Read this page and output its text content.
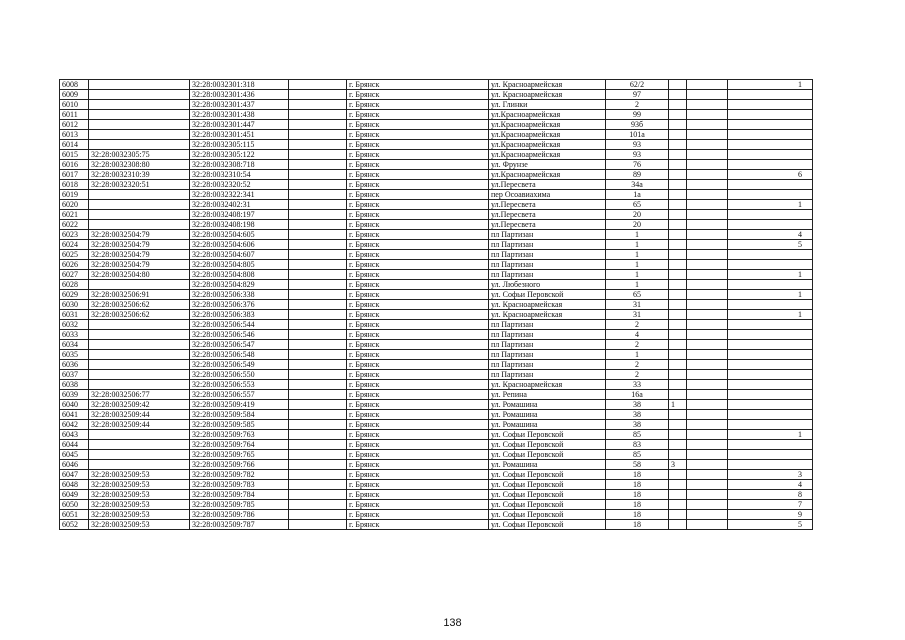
6008		32:28:0032301:318		г. Брянск	ул. Красноармейская	62/2			1
6009		32:28:0032301:436		г. Брянск	ул. Красноармейская	97			
6010		32:28:0032301:437		г. Брянск	ул. Глинки	2			
6011		32:28:0032301:438		г. Брянск	ул.Красноармейская	99			
6012		32:28:0032301:447		г. Брянск	ул.Красноармейская	93б			
6013		32:28:0032301:451		г. Брянск	ул.Красноармейская	101а			
6014		32:28:0032305:115		г. Брянск	ул.Красноармейская	93			
6015	32:28:0032305:75	32:28:0032305:122		г. Брянск	ул.Красноармейская	93			
6016	32:28:0032308:80	32:28:0032308:718		г. Брянск	ул. Фрунзе	76			
6017	32:28:0032310:39	32:28:0032310:54		г. Брянск	ул.Красноармейская	89			6
6018	32:28:0032320:51	32:28:0032320:52		г. Брянск	ул.Пересвета	34а			
6019		32:28:0032322:341		г. Брянск	пер Осоавиахима	1а			
6020		32:28:0032402:31		г. Брянск	ул.Пересвета	65			1
6021		32:28:0032408:197		г. Брянск	ул.Пересвета	20			
6022		32:28:0032408:198		г. Брянск	ул.Пересвета	20			
6023	32:28:0032504:79	32:28:0032504:605		г. Брянск	пл Партизан	1			4
6024	32:28:0032504:79	32:28:0032504:606		г. Брянск	пл Партизан	1			5
6025	32:28:0032504:79	32:28:0032504:607		г. Брянск	пл Партизан	1			
6026	32:28:0032504:79	32:28:0032504:805		г. Брянск	пл Партизан	1			
6027	32:28:0032504:80	32:28:0032504:808		г. Брянск	пл Партизан	1			1
6028		32:28:0032504:829		г. Брянск	ул. Любезного	1			
6029	32:28:0032506:91	32:28:0032506:338		г. Брянск	ул. Софьи Перовской	65			1
6030	32:28:0032506:62	32:28:0032506:376		г. Брянск	ул. Красноармейская	31			
6031	32:28:0032506:62	32:28:0032506:383		г. Брянск	ул. Красноармейская	31			1
6032		32:28:0032506:544		г. Брянск	пл Партизан	2			
6033		32:28:0032506:546		г. Брянск	пл Партизан	4			
6034		32:28:0032506:547		г. Брянск	пл Партизан	2			
6035		32:28:0032506:548		г. Брянск	пл Партизан	1			
6036		32:28:0032506:549		г. Брянск	пл Партизан	2			
6037		32:28:0032506:550		г. Брянск	пл Партизан	2			
6038		32:28:0032506:553		г. Брянск	ул. Красноармейская	33			
6039	32:28:0032506:77	32:28:0032506:557		г. Брянск	ул. Репина	16а			
6040	32:28:0032509:42	32:28:0032509:419		г. Брянск	ул. Ромашина	38	1		
6041	32:28:0032509:44	32:28:0032509:584		г. Брянск	ул. Ромашина	38			
6042	32:28:0032509:44	32:28:0032509:585		г. Брянск	ул. Ромашина	38			
6043		32:28:0032509:763		г. Брянск	ул. Софьи Перовской	85			1
6044		32:28:0032509:764		г. Брянск	ул. Софьи Перовской	83			
6045		32:28:0032509:765		г. Брянск	ул. Софьи Перовской	85			
6046		32:28:0032509:766		г. Брянск	ул. Ромашина	58	3		
6047	32:28:0032509:53	32:28:0032509:782		г. Брянск	ул. Софьи Перовской	18			3
6048	32:28:0032509:53	32:28:0032509:783		г. Брянск	ул. Софьи Перовской	18			4
6049	32:28:0032509:53	32:28:0032509:784		г. Брянск	ул. Софьи Перовской	18			8
6050	32:28:0032509:53	32:28:0032509:785		г. Брянск	ул. Софьи Перовской	18			7
6051	32:28:0032509:53	32:28:0032509:786		г. Брянск	ул. Софьи Перовской	18			9
6052	32:28:0032509:53	32:28:0032509:787		г. Брянск	ул. Софьи Перовской	18			5
138
